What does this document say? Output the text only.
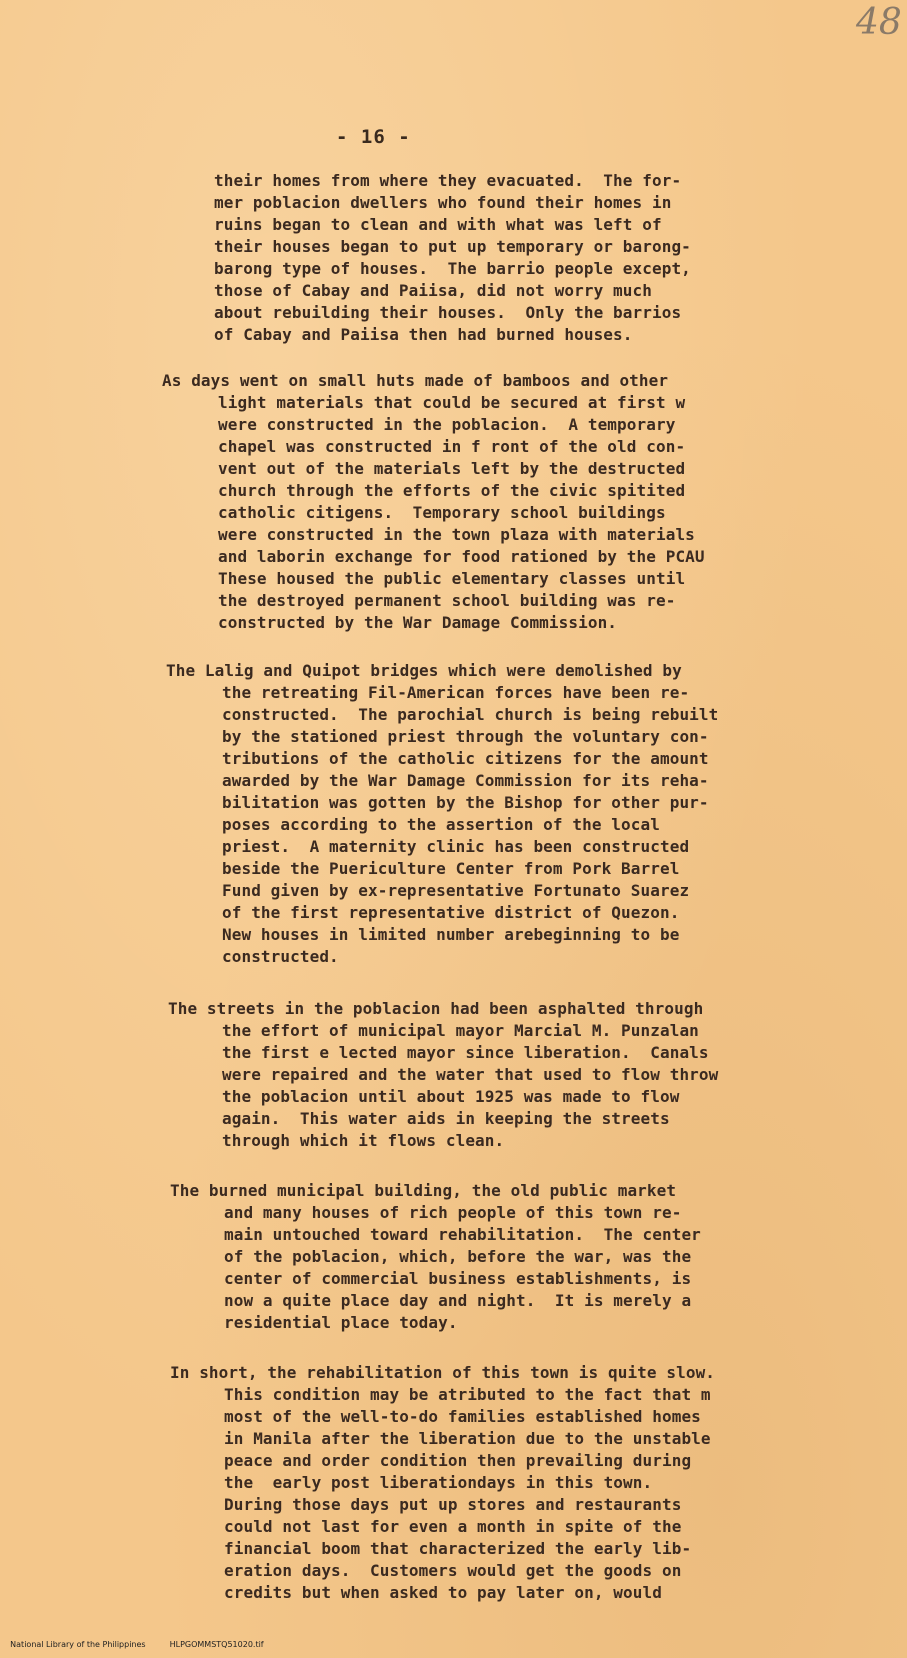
48
- 16 -
their homes from where they evacuated.  The for-
mer poblacion dwellers who found their homes in
ruins began to clean and with what was left of
their houses began to put up temporary or barong-
barong type of houses.  The barrio people except,
those of Cabay and Paiisa, did not worry much
about rebuilding their houses.  Only the barrios
of Cabay and Paiisa then had burned houses.
As days went on small huts made of bamboos and other
light materials that could be secured at first w
were constructed in the poblacion.  A temporary
chapel was constructed in f ront of the old con-
vent out of the materials left by the destructed
church through the efforts of the civic spitited
catholic citigens.  Temporary school buildings
were constructed in the town plaza with materials
and laborin exchange for food rationed by the PCAU
These housed the public elementary classes until
the destroyed permanent school building was re-
constructed by the War Damage Commission.
The Lalig and Quipot bridges which were demolished by
the retreating Fil-American forces have been re-
constructed.  The parochial church is being rebuilt
by the stationed priest through the voluntary con-
tributions of the catholic citizens for the amount
awarded by the War Damage Commission for its reha-
bilitation was gotten by the Bishop for other pur-
poses according to the assertion of the local
priest.  A maternity clinic has been constructed
beside the Puericulture Center from Pork Barrel
Fund given by ex-representative Fortunato Suarez
of the first representative district of Quezon.
New houses in limited number arebeginning to be
constructed.
The streets in the poblacion had been asphalted through
the effort of municipal mayor Marcial M. Punzalan
the first e lected mayor since liberation.  Canals
were repaired and the water that used to flow throw
the poblacion until about 1925 was made to flow
again.  This water aids in keeping the streets
through which it flows clean.
The burned municipal building, the old public market
and many houses of rich people of this town re-
main untouched toward rehabilitation.  The center
of the poblacion, which, before the war, was the
center of commercial business establishments, is
now a quite place day and night.  It is merely a
residential place today.
In short, the rehabilitation of this town is quite slow.
This condition may be atributed to the fact that m
most of the well-to-do families established homes
in Manila after the liberation due to the unstable
peace and order condition then prevailing during
the  early post liberationdays in this town.
During those days put up stores and restaurants
could not last for even a month in spite of the
financial boom that characterized the early lib-
eration days.  Customers would get the goods on
credits but when asked to pay later on, would

National Library of the Philippines	HLPGOMMSTQ51020.tif
